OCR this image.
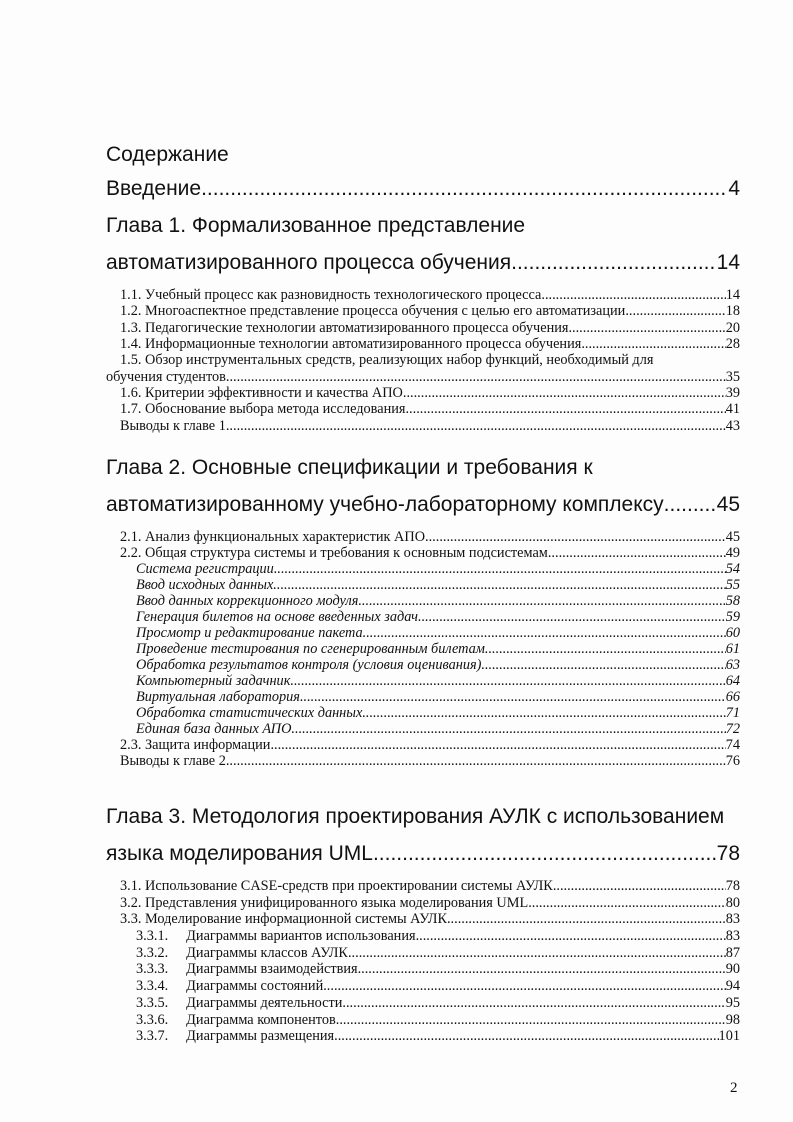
Содержание
Введение .....	4
Глава 1. Формализованное представление
автоматизированного процесса обучения .....	14
1.1. Учебный процесс как разновидность технологического процесса .....	14
1.2. Многоаспектное представление процесса обучения с целью его автоматизации .....	18
1.3. Педагогические технологии автоматизированного процесса обучения .....	20
1.4. Информационные технологии автоматизированного процесса обучения .....	28
1.5. Обзор инструментальных средств, реализующих набор функций, необходимый для
обучения студентов .....	35
1.6. Критерии эффективности и качества АПО .....	39
1.7. Обоснование выбора метода исследования .....	41
Выводы к главе 1 .....	43
Глава 2. Основные спецификации и требования к
автоматизированному учебно-лабораторному комплексу .....	45
2.1. Анализ функциональных характеристик АПО .....	45
2.2. Общая структура системы и требования к основным подсистемам .....	49
Система регистрации .....	54
Ввод исходных данных .....	55
Ввод данных коррекционного модуля .....	58
Генерация билетов на основе введенных задач .....	59
Просмотр и редактирование пакета .....	60
Проведение тестирования по сгенерированным билетам .....	61
Обработка результатов контроля (условия оценивания) .....	63
Компьютерный задачник .....	64
Виртуальная лаборатория .....	66
Обработка статистических данных .....	71
Единая база данных АПО .....	72
2.3. Защита информации .....	74
Выводы к главе 2 .....	76
Глава 3. Методология проектирования АУЛК с использованием
языка моделирования UML .....	78
3.1. Использование CASE-средств при проектировании системы АУЛК .....	78
3.2. Представления унифицированного языка моделирования UML .....	80
3.3. Моделирование информационной системы АУЛК .....	83
3.3.1. Диаграммы вариантов использования .....	83
3.3.2. Диаграммы классов АУЛК .....	87
3.3.3. Диаграммы взаимодействия .....	90
3.3.4. Диаграммы состояний .....	94
3.3.5. Диаграммы деятельности .....	95
3.3.6. Диаграмма компонентов .....	98
3.3.7. Диаграммы размещения .....	101
2
